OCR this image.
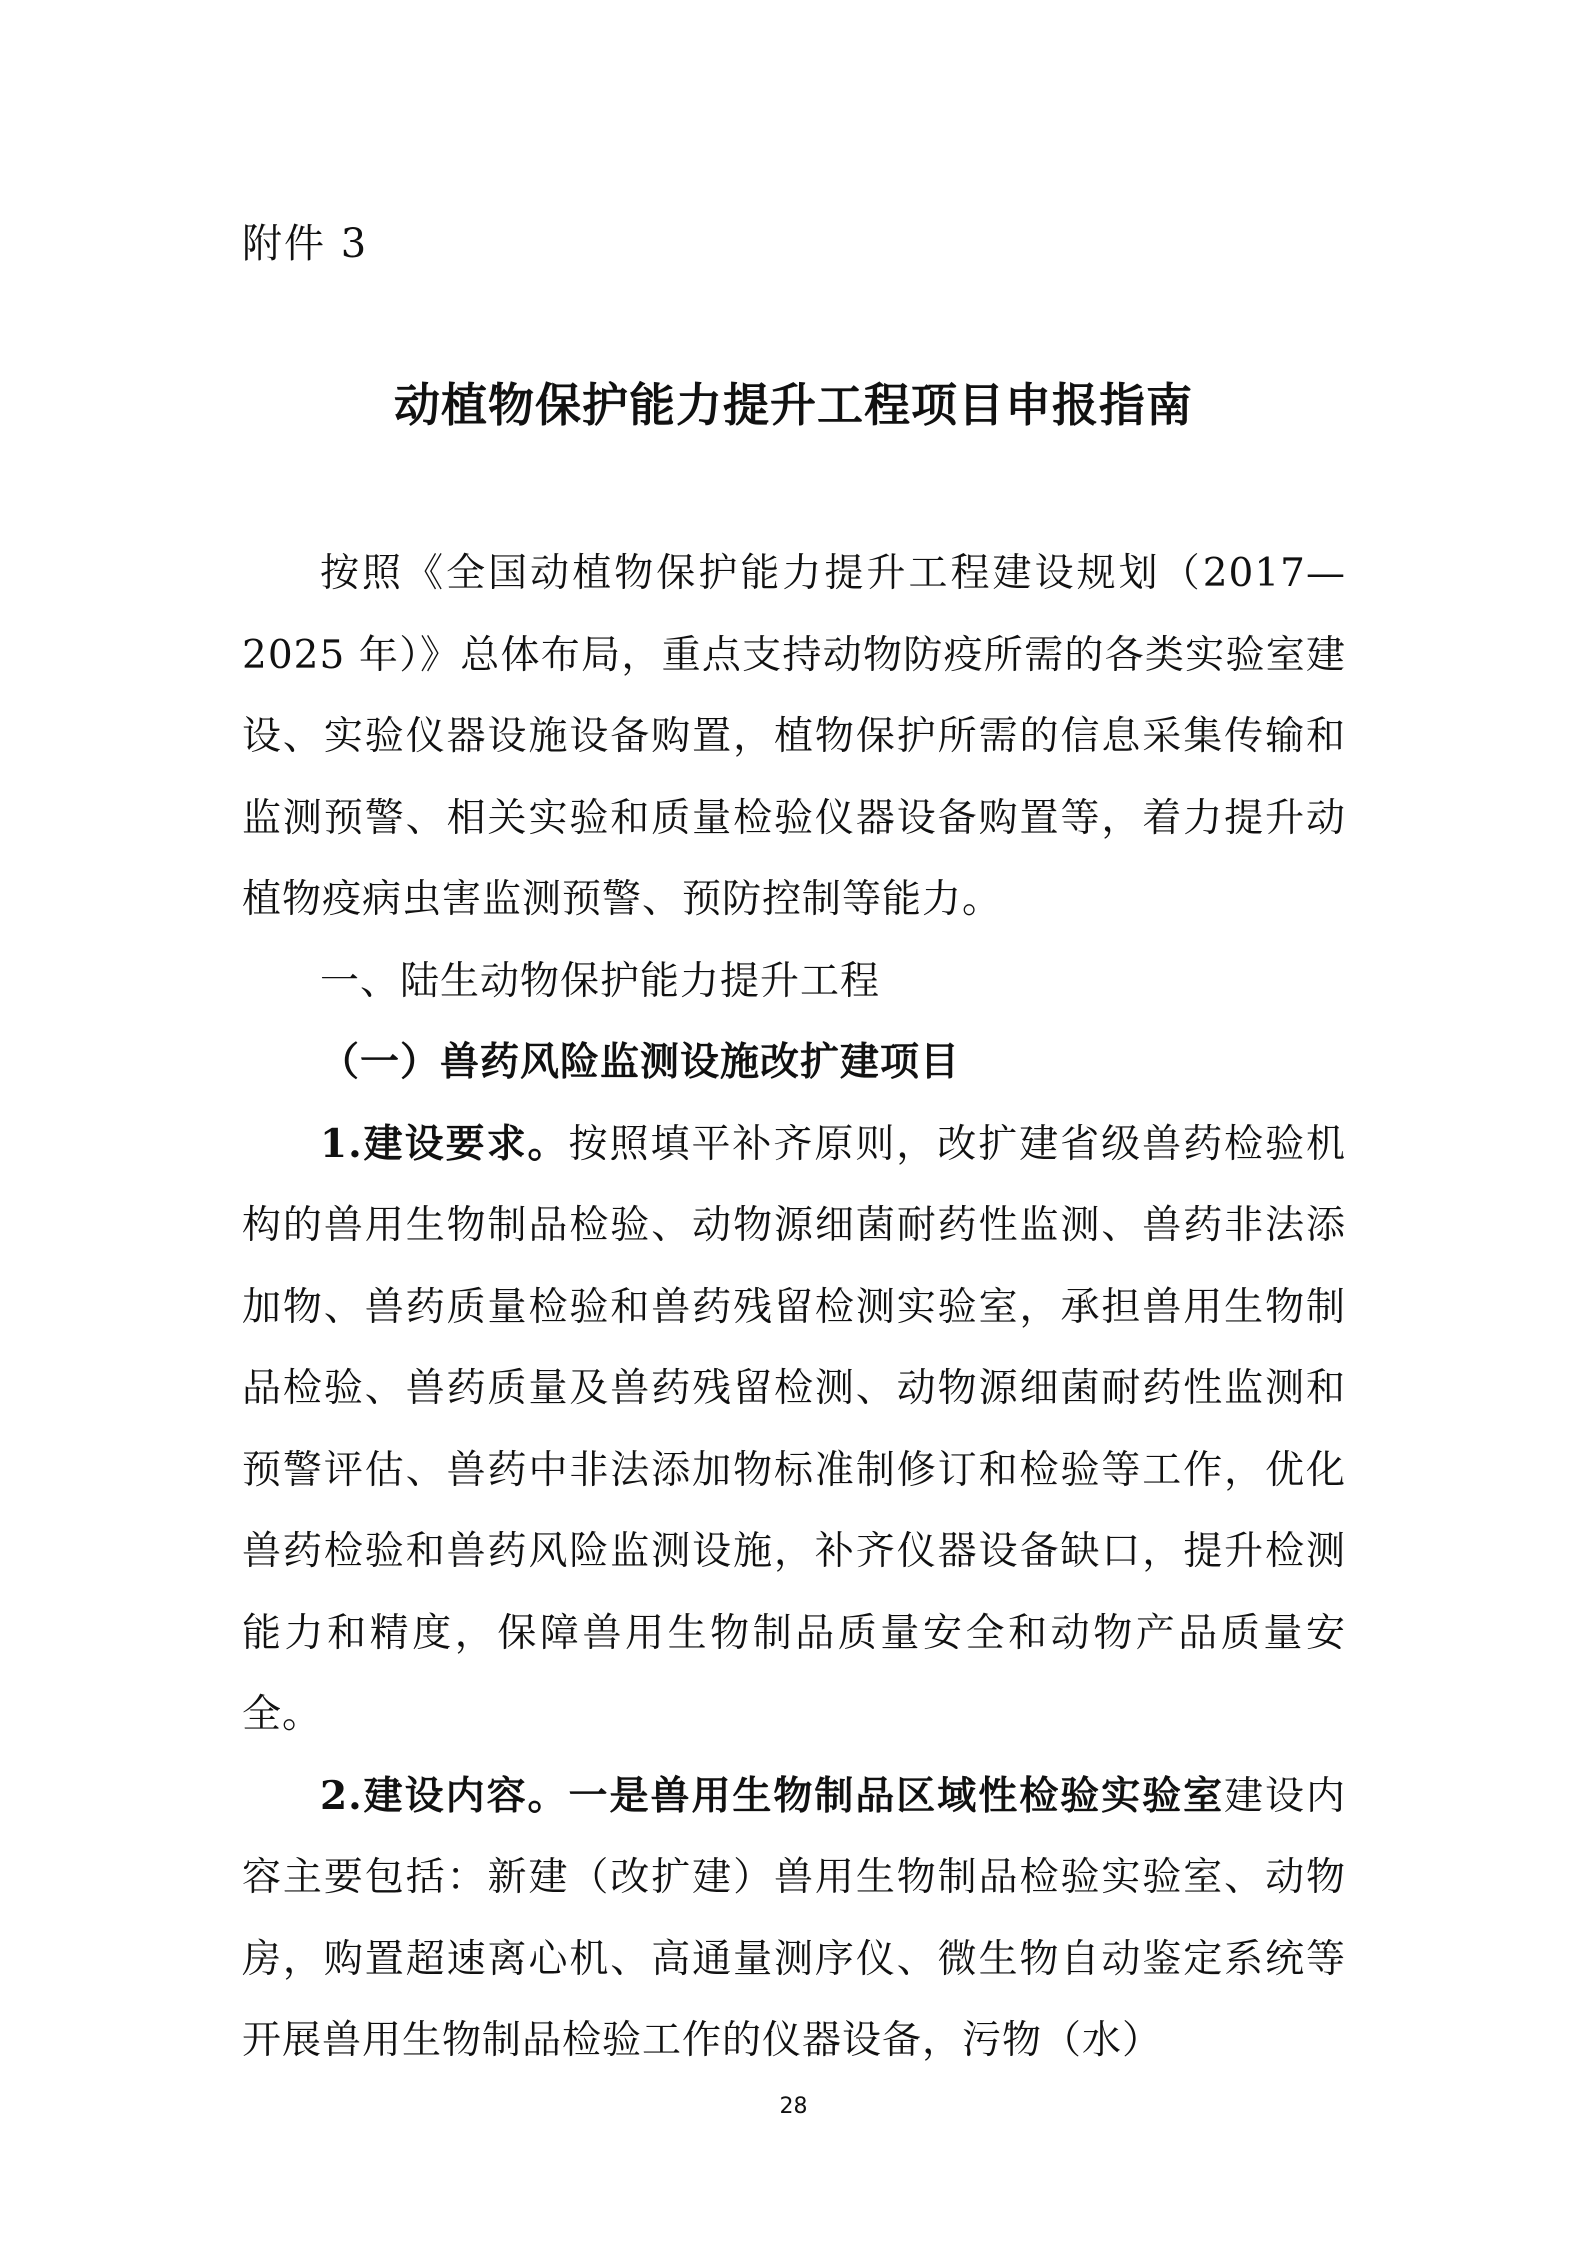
附件 3
动植物保护能力提升工程项目申报指南

按照《全国动植物保护能力提升工程建设规划（2017—2025 年）》总体布局，重点支持动物防疫所需的各类实验室建设、实验仪器设施设备购置，植物保护所需的信息采集传输和监测预警、相关实验和质量检验仪器设备购置等，着力提升动植物疫病虫害监测预警、预防控制等能力。

一、陆生动物保护能力提升工程

（一）兽药风险监测设施改扩建项目

1.建设要求。按照填平补齐原则，改扩建省级兽药检验机构的兽用生物制品检验、动物源细菌耐药性监测、兽药非法添加物、兽药质量检验和兽药残留检测实验室，承担兽用生物制品检验、兽药质量及兽药残留检测、动物源细菌耐药性监测和预警评估、兽药中非法添加物标准制修订和检验等工作，优化兽药检验和兽药风险监测设施，补齐仪器设备缺口，提升检测能力和精度，保障兽用生物制品质量安全和动物产品质量安全。

2.建设内容。一是兽用生物制品区域性检验实验室建设内容主要包括：新建（改扩建）兽用生物制品检验实验室、动物房，购置超速离心机、高通量测序仪、微生物自动鉴定系统等开展兽用生物制品检验工作的仪器设备，污物（水）

28
